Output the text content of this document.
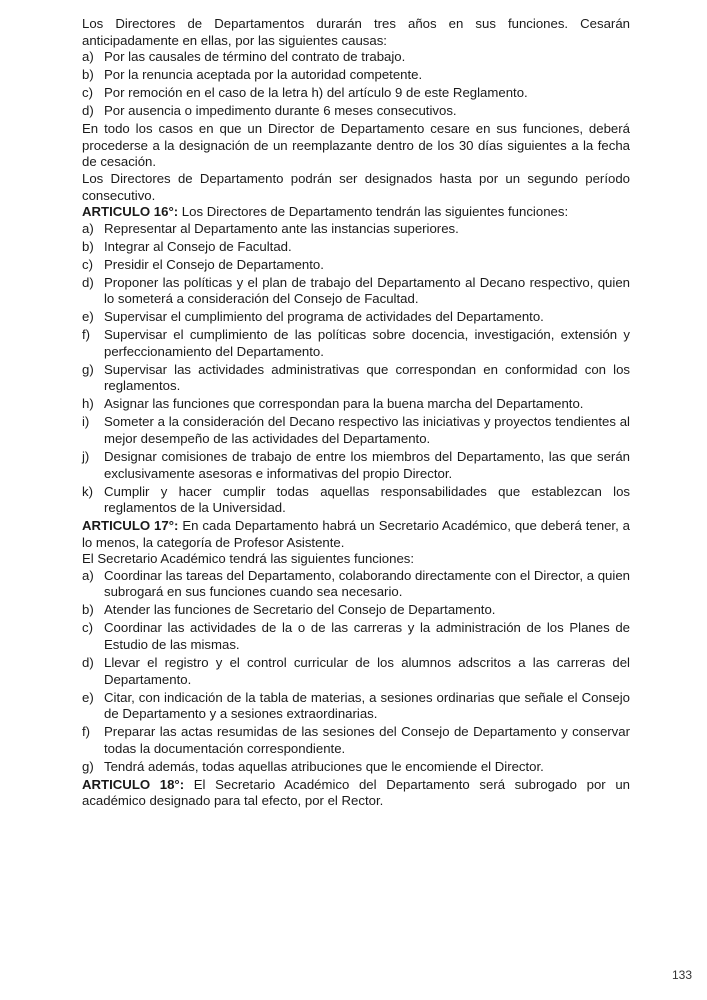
Los Directores de Departamentos durarán tres años en sus funciones. Cesarán anticipadamente en ellas, por las siguientes causas:

a) Por las causales de término del contrato de trabajo.
b) Por la renuncia aceptada por la autoridad competente.
c) Por remoción en el caso de la letra h) del artículo 9 de este Reglamento.
d) Por ausencia o impedimento durante 6 meses consecutivos.

En todo los casos en que un Director de Departamento cesare en sus funciones, deberá procederse a la designación de un reemplazante dentro de los 30 días siguientes a la fecha de cesación.

Los Directores de Departamento podrán ser designados hasta por un segundo período consecutivo.

ARTICULO 16°: Los Directores de Departamento tendrán las siguientes funciones:

a) Representar al Departamento ante las instancias superiores.
b) Integrar al Consejo de Facultad.
c) Presidir el Consejo de Departamento.
d) Proponer las políticas y el plan de trabajo del Departamento al Decano respectivo, quien lo someterá a consideración del Consejo de Facultad.
e) Supervisar el cumplimiento del programa de actividades del Departamento.
f)	Supervisar el cumplimiento de las políticas sobre docencia, investigación, extensión y perfeccionamiento del Departamento.
g) Supervisar las actividades administrativas que correspondan en conformidad con los reglamentos.
h) Asignar las funciones que correspondan para la buena marcha del Departamento.
i)	Someter a la consideración del Decano respectivo las iniciativas y proyectos tendientes al mejor desempeño de las actividades del Departamento.
j)	Designar comisiones de trabajo de entre los miembros del Departamento, las que serán exclusivamente asesoras e informativas del propio Director.
k) Cumplir y hacer cumplir todas aquellas responsabilidades que establezcan los reglamentos de la Universidad.

ARTICULO 17°: En cada Departamento habrá un Secretario Académico, que deberá tener, a lo menos, la categoría de Profesor Asistente.

El Secretario Académico tendrá las siguientes funciones:

a) Coordinar las tareas del Departamento, colaborando directamente con el Director, a quien subrogará en sus funciones cuando sea necesario.
b) Atender las funciones de Secretario del Consejo de Departamento.
c) Coordinar las actividades de la o de las carreras y la administración de los Planes de Estudio de las mismas.
d) Llevar el registro y el control curricular de los alumnos adscritos a las carreras del Departamento.
e) Citar, con indicación de la tabla de materias, a sesiones ordinarias que señale el Consejo de Departamento y a sesiones extraordinarias.
f)	Preparar las actas resumidas de las sesiones del Consejo de Departamento y conservar todas la documentación correspondiente.
g) Tendrá además, todas aquellas atribuciones que le encomiende el Director.

ARTICULO 18°: El Secretario Académico del Departamento será subrogado por un académico designado para tal efecto, por el Rector.

133
